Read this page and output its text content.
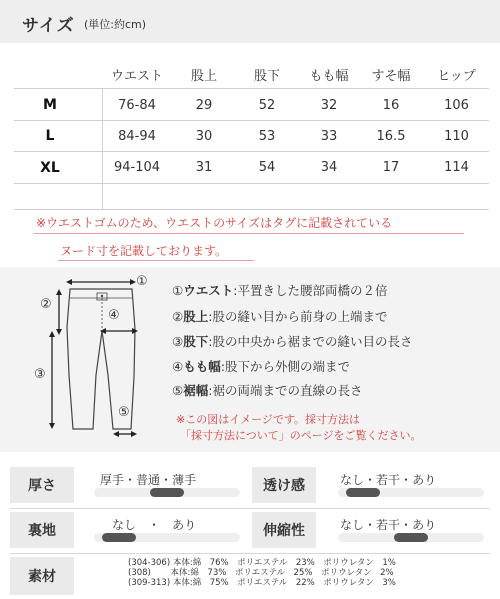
サイズ (単位:約cm)
ウエスト	股上	股下	もも幅	すそ幅	ヒップ
M	76-84	29	52	32	16	106
L	84-94	30	53	33	16.5	110
XL	94-104	31	54	34	17	114
※ウエストゴムのため、ウエストのサイズはタグに記載されている
ヌード寸を記載しております。
①
②
③
④
⑤
①ウエスト:平置きした腰部両橋の２倍
②股上:股の縫い目から前身の上端まで
③股下:股の中央から裾までの縫い目の長さ
④もも幅:股下から外側の端まで
⑤裾幅:裾の両端までの直線の長さ
※この図はイメージです。採寸方法は
「採寸方法について」のページをご覧ください。
厚さ	厚手・普通・薄手	透け感	なし・若干・あり
裏地	なし　 ・　 あり	伸縮性	なし・若干・あり
素材
(304-306) 本体:綿　76%　ポリエステル　23%　ポリウレタン　1%
(308)　　 本体:綿　73%　ポリエステル　25%　ポリウレタン　2%
(309-313) 本体:綿　75%　ポリエステル　22%　ポリウレタン　3%
